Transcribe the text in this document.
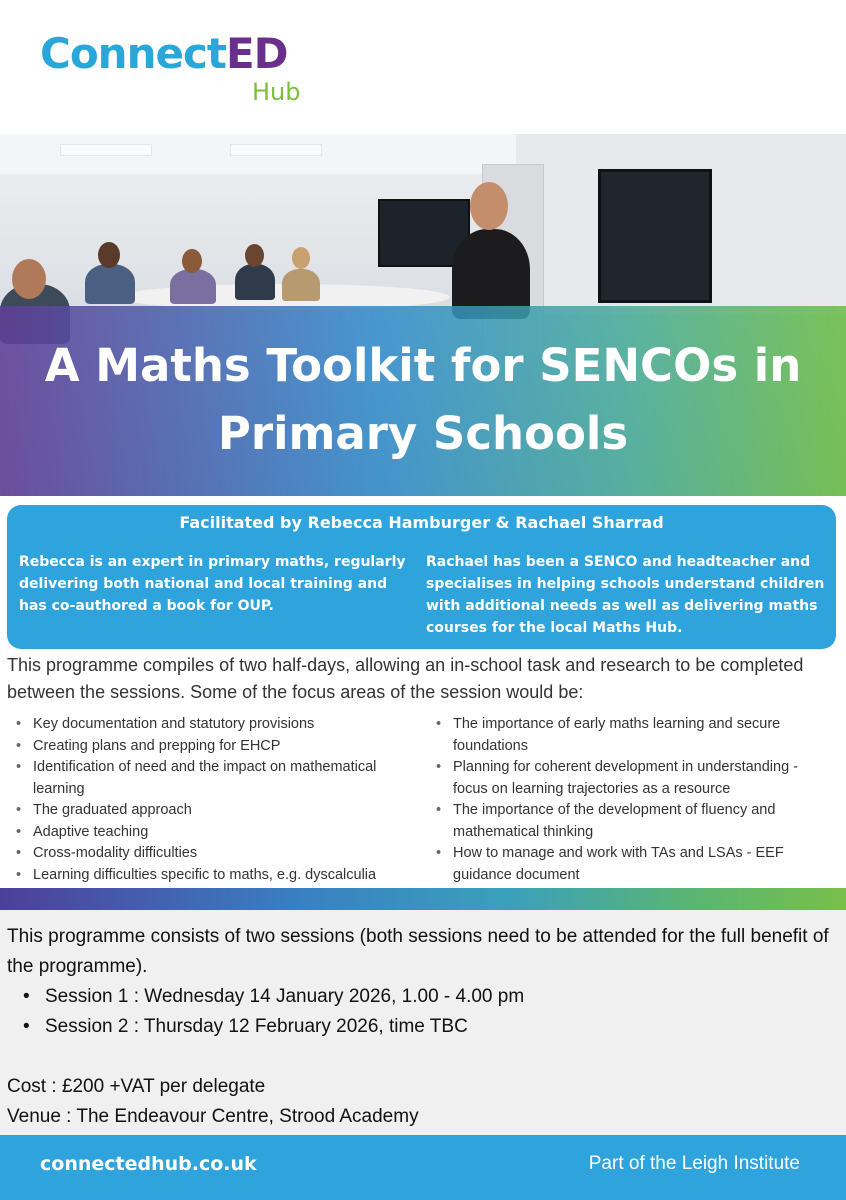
ConnectED
Hub
A Maths Toolkit for SENCOs in
Primary Schools
Facilitated by Rebecca Hamburger & Rachael Sharrad
Rebecca is an expert in primary maths, regularly delivering both national and local training and has co-authored a book for OUP.
Rachael has been a SENCO and headteacher and specialises in helping schools understand children with additional needs as well as delivering maths courses for the local Maths Hub.
This programme compiles of two half-days, allowing an in-school task and research to be completed between the sessions. Some of the focus areas of the session would be:
• Key documentation and statutory provisions
• Creating plans and prepping for EHCP
• Identification of need and the impact on mathematical learning
• The graduated approach
• Adaptive teaching
• Cross-modality difficulties
• Learning difficulties specific to maths, e.g. dyscalculia
• The importance of early maths learning and secure foundations
• Planning for coherent development in understanding - focus on learning trajectories as a resource
• The importance of the development of fluency and mathematical thinking
• How to manage and work with TAs and LSAs - EEF guidance document
This programme consists of two sessions (both sessions need to be attended for the full benefit of the programme).
• Session 1 : Wednesday 14 January 2026, 1.00 - 4.00 pm
• Session 2 : Thursday 12 February 2026, time TBC
Cost : £200 +VAT per delegate
Venue : The Endeavour Centre, Strood Academy
connectedhub.co.uk	Part of the Leigh Institute
